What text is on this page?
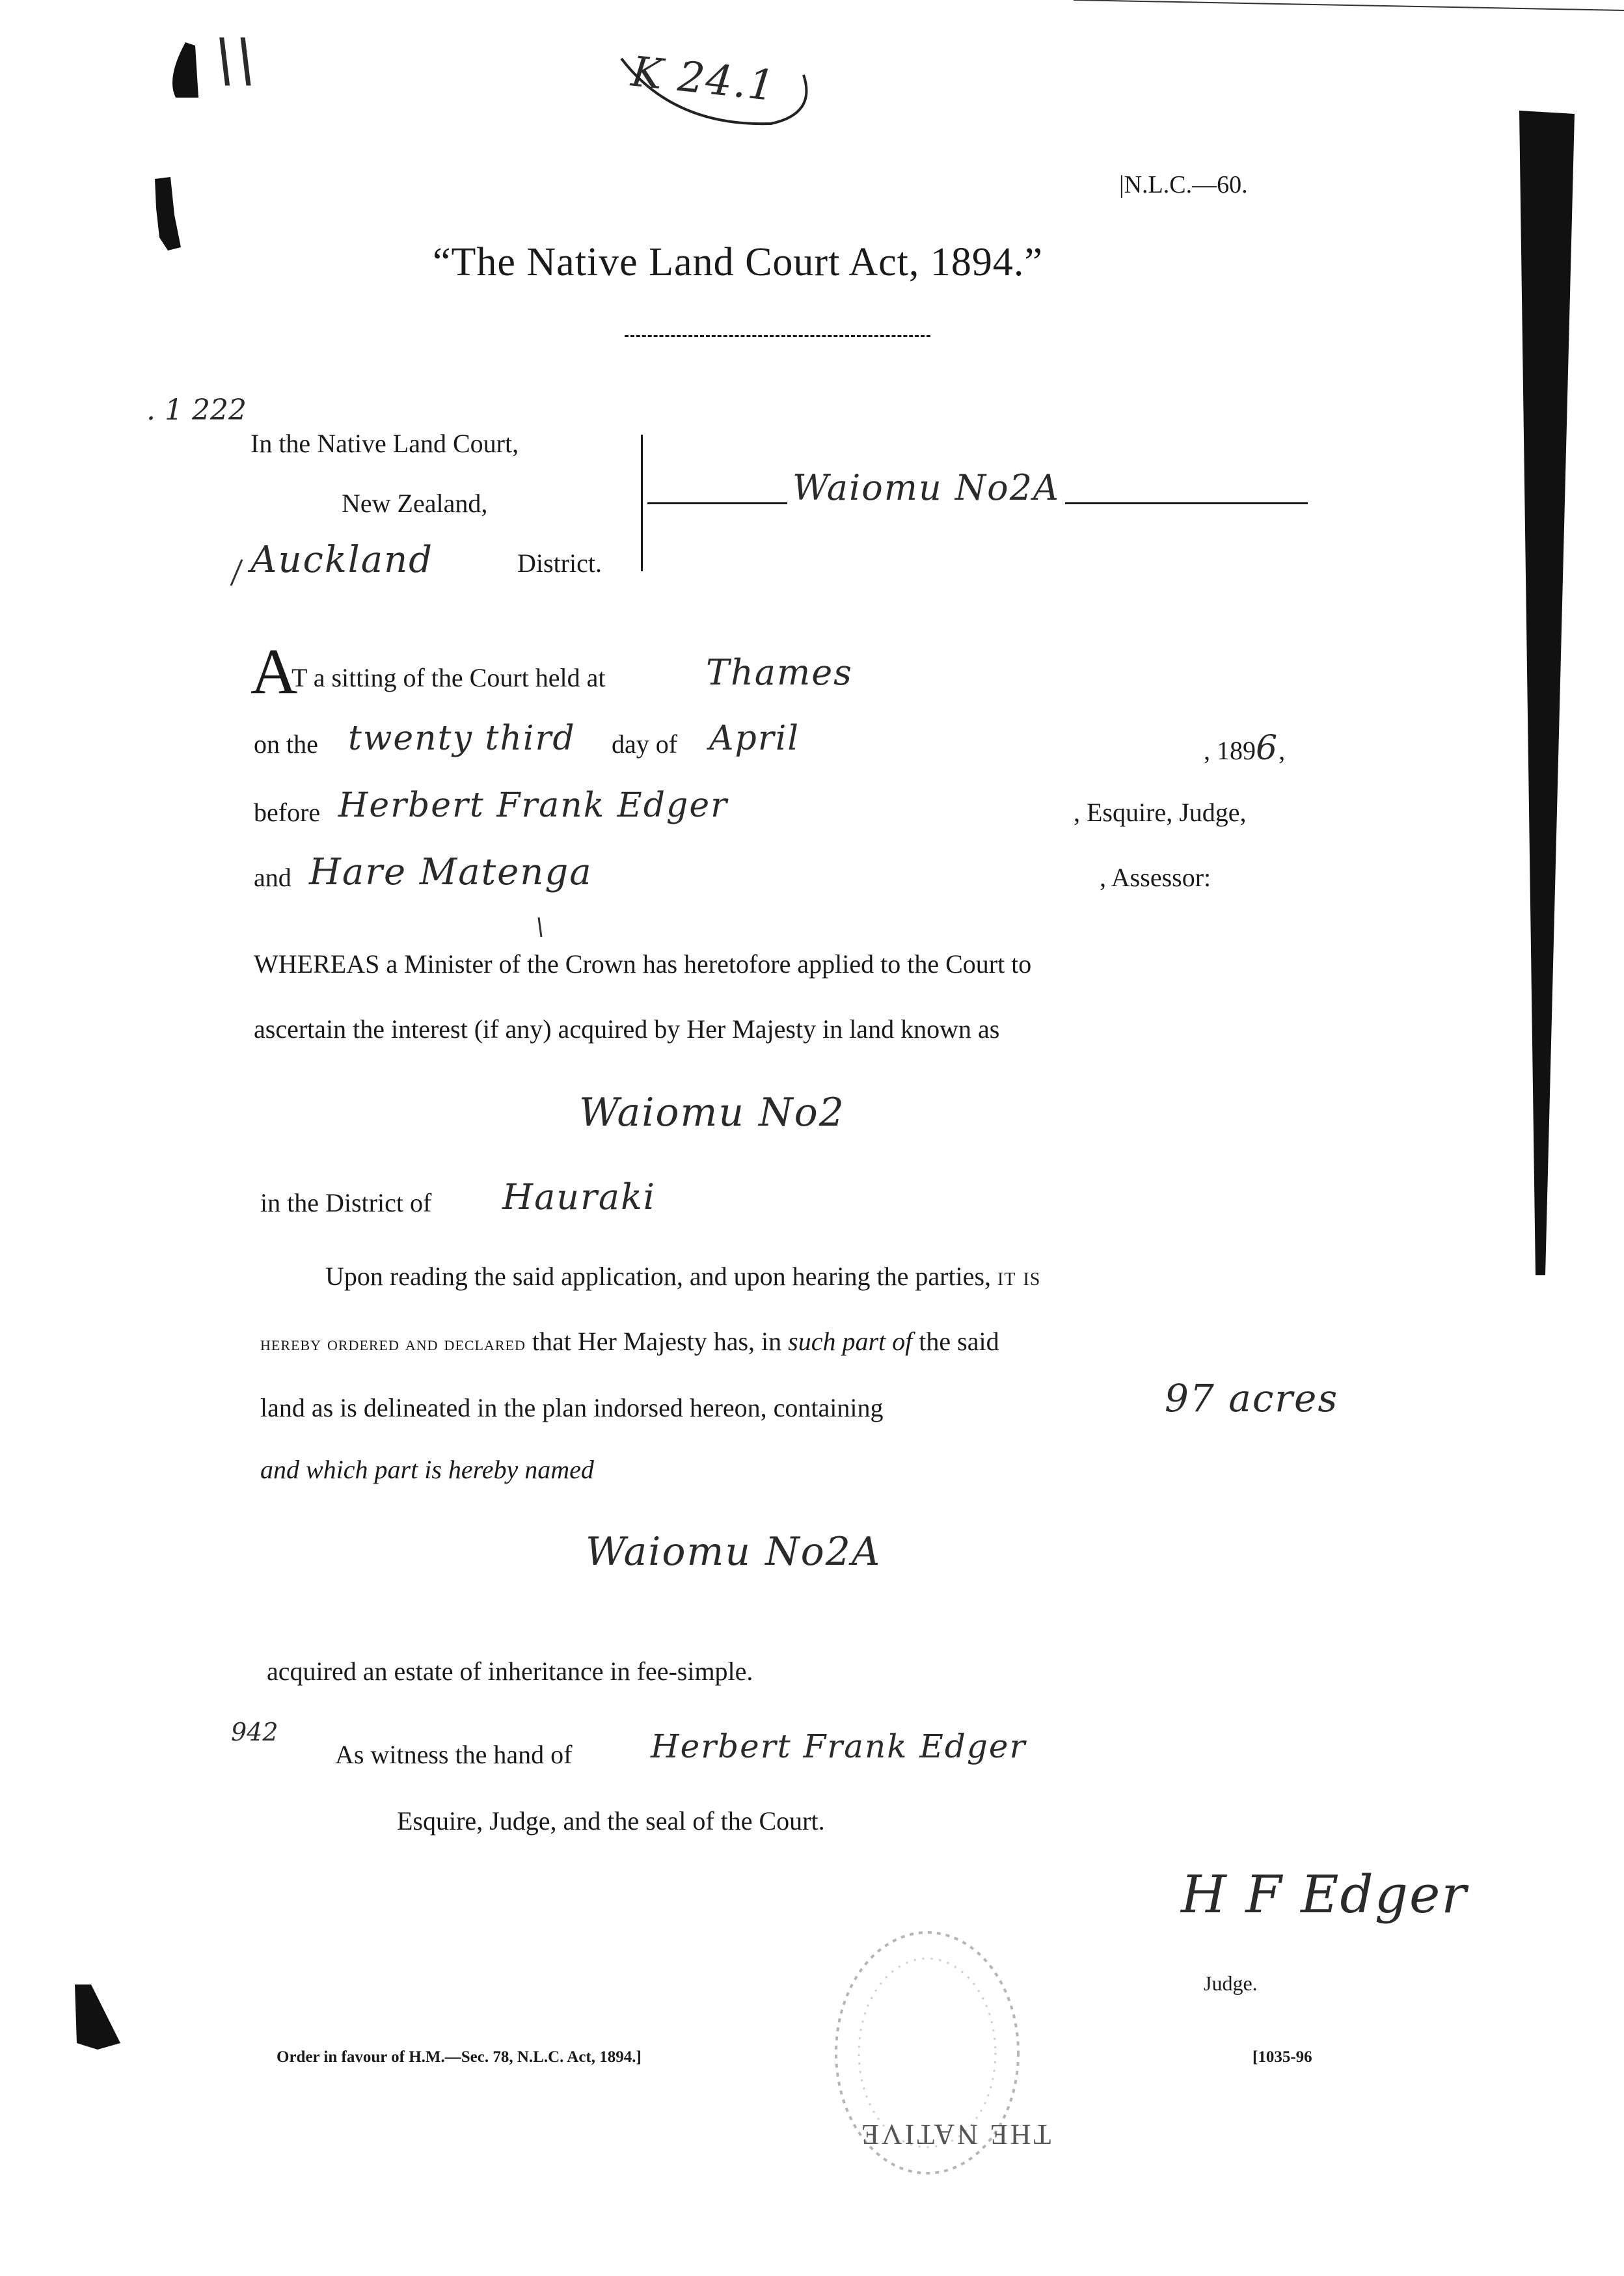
K 24.1
\\
|N.L.C.—60.
“The Native Land Court Act, 1894.”
. 1 222
In the Native Land Court,
New Zealand,
Auckland	District.
Waiomu No2A
A
T a sitting of the Court held at	Thames
on the twenty third day of April	, 1896,
before Herbert Frank Edger	, Esquire, Judge,
and Hare Matenga	, Assessor:
WHEREAS a Minister of the Crown has heretofore applied to the Court to
ascertain the interest (if any) acquired by Her Majesty in land known as
Waiomu No2
in the District of Hauraki
Upon reading the said application, and upon hearing the parties, it is
hereby ordered and declared that Her Majesty has, in such part of the said
land as is delineated in the plan indorsed hereon, containing	97 acres
and which part is hereby named
Waiomu No2A
acquired an estate of inheritance in fee-simple.
942
As witness the hand of Herbert Frank Edger
Esquire, Judge, and the seal of the Court.
H F Edger
Judge.
THE NATIVE
Order in favour of H.M.—Sec. 78, N.L.C. Act, 1894.]	[1035-96
